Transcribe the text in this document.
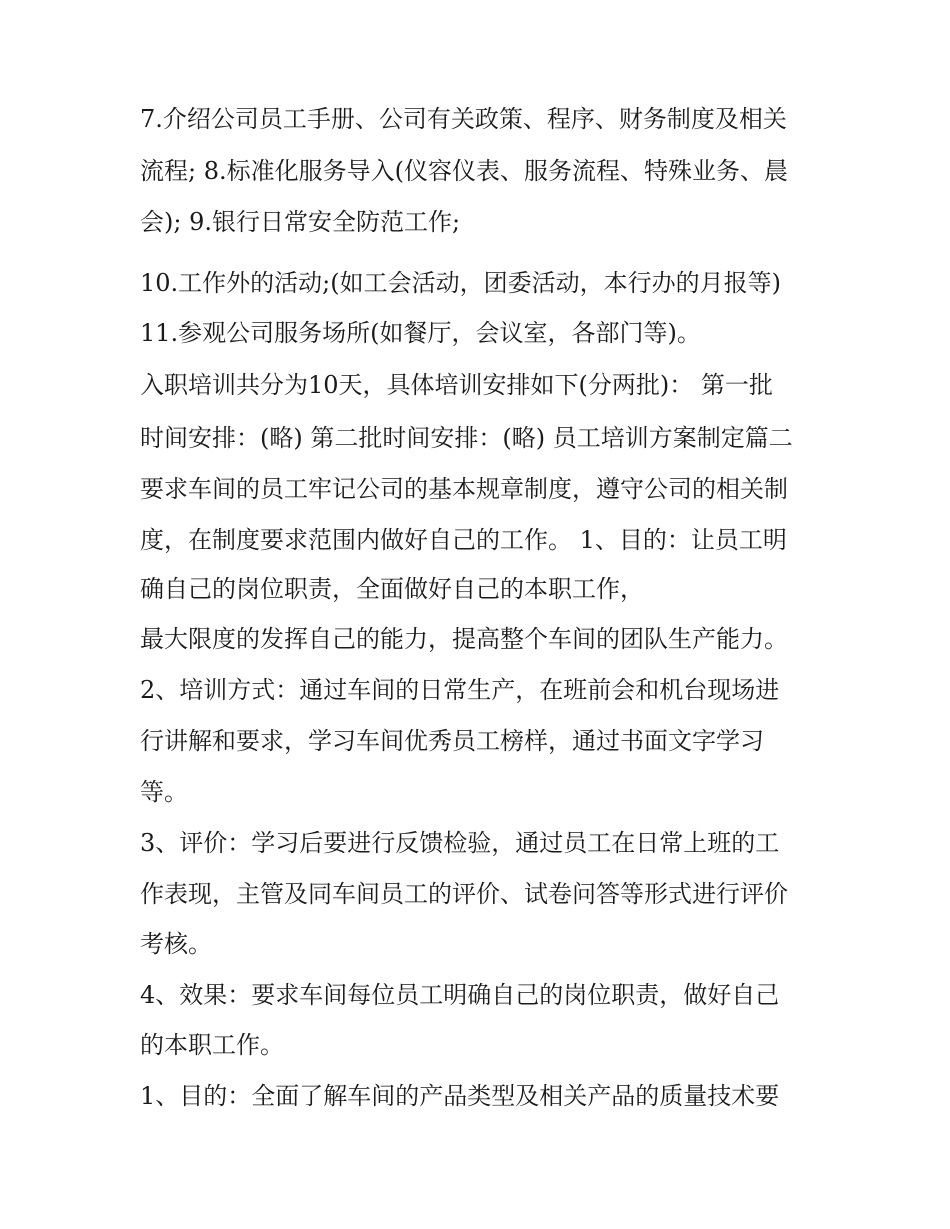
7.介绍公司员工手册、公司有关政策、程序、财务制度及相关
流程; 8.标准化服务导入(仪容仪表、服务流程、特殊业务、晨
会); 9.银行日常安全防范工作;
10.工作外的活动;(如工会活动，团委活动，本行办的月报等)
11.参观公司服务场所(如餐厅，会议室，各部门等)。
入职培训共分为10天，具体培训安排如下(分两批)： 第一批
时间安排：(略) 第二批时间安排：(略) 员工培训方案制定篇二
要求车间的员工牢记公司的基本规章制度，遵守公司的相关制
度，在制度要求范围内做好自己的工作。 1、目的：让员工明
确自己的岗位职责，全面做好自己的本职工作，
最大限度的发挥自己的能力，提高整个车间的团队生产能力。
2、培训方式：通过车间的日常生产，在班前会和机台现场进
行讲解和要求，学习车间优秀员工榜样，通过书面文字学习
等。
3、评价：学习后要进行反馈检验，通过员工在日常上班的工
作表现，主管及同车间员工的评价、试卷问答等形式进行评价
考核。
4、效果：要求车间每位员工明确自己的岗位职责，做好自己
的本职工作。
1、目的：全面了解车间的产品类型及相关产品的质量技术要
